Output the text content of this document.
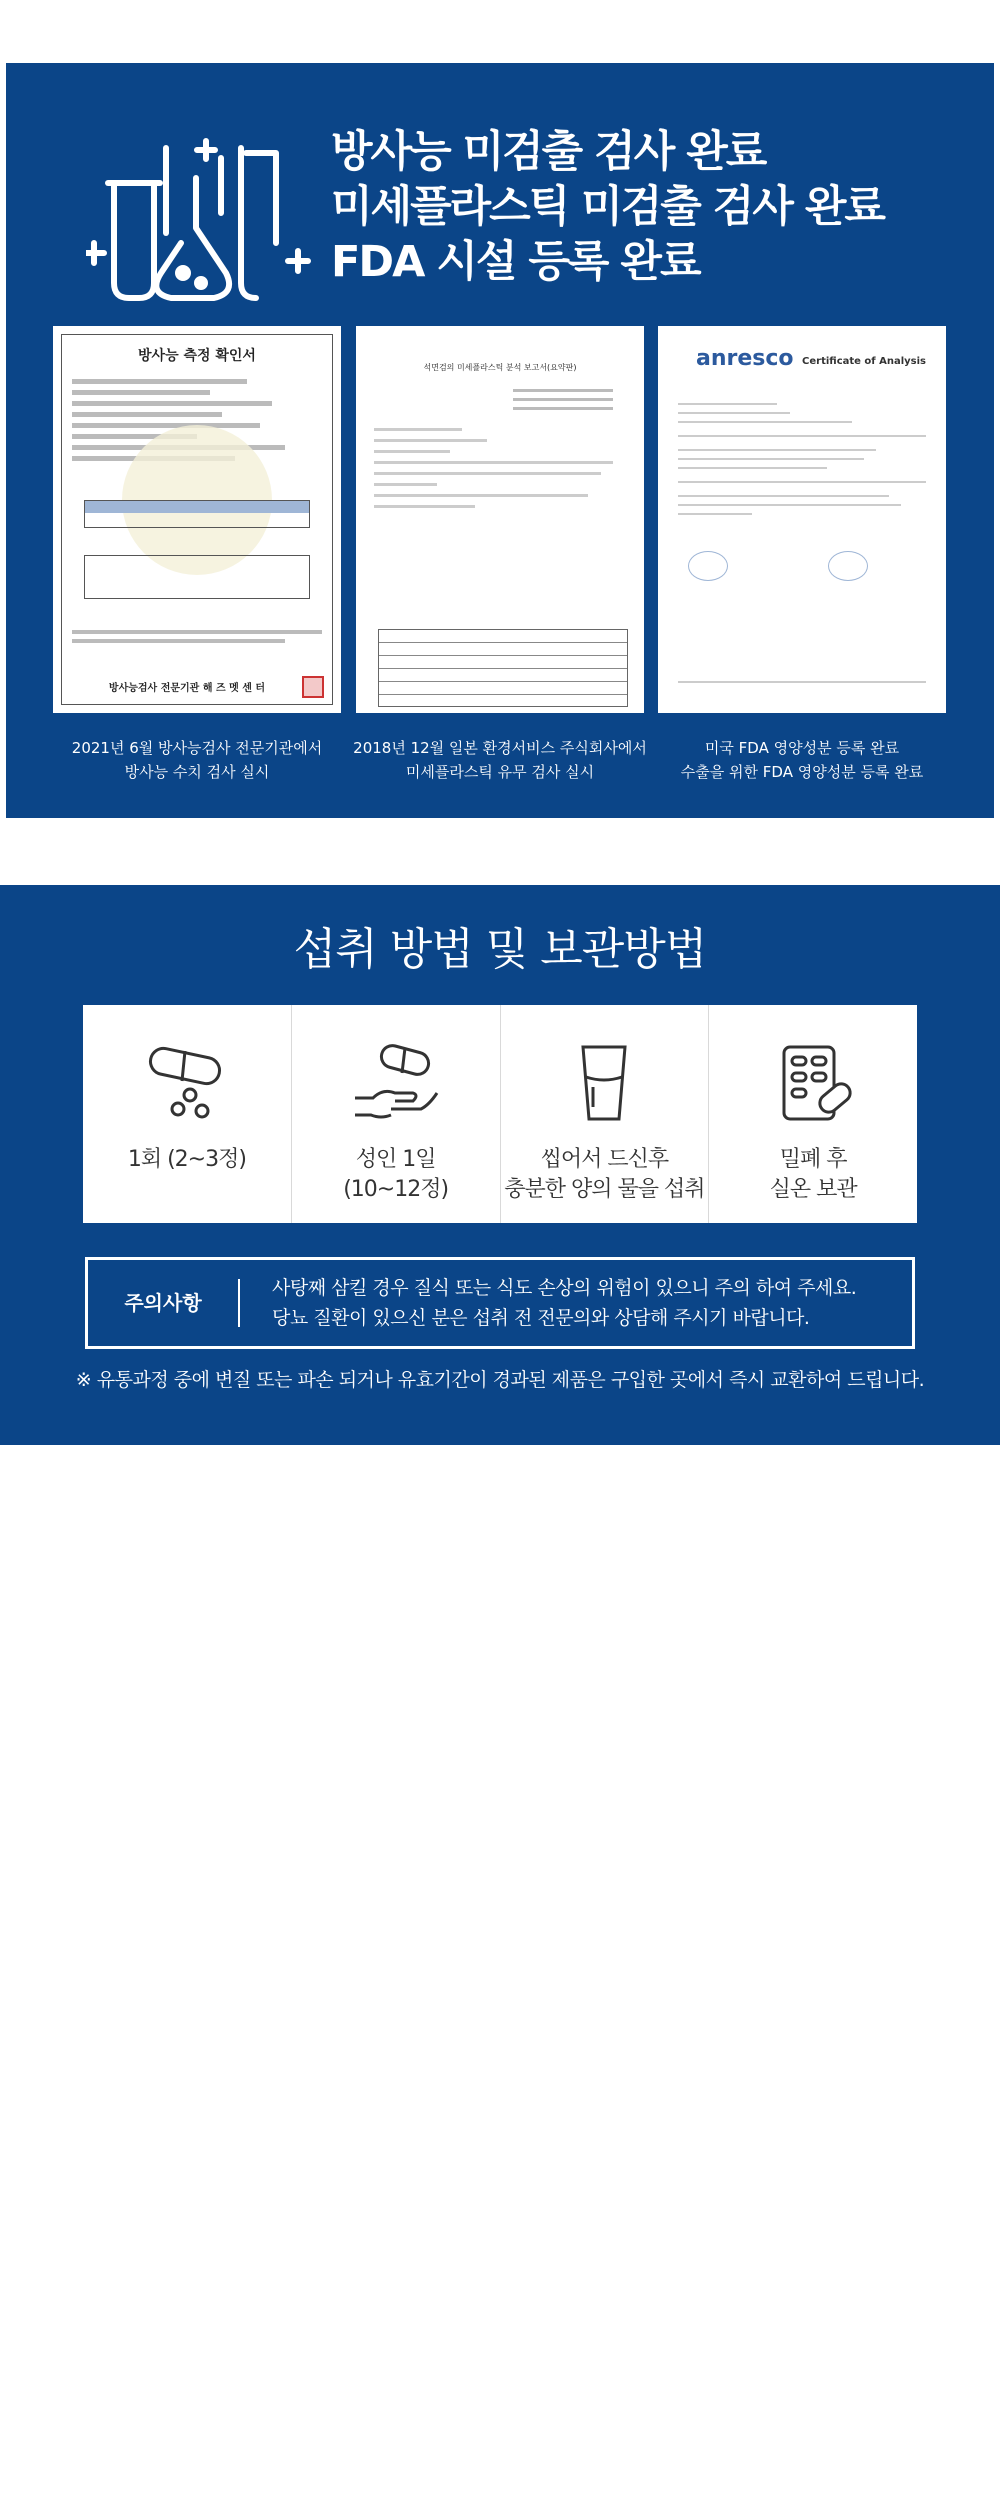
방사능 미검출 검사 완료
미세플라스틱 미검출 검사 완료
FDA 시설 등록 완료
방사능 측정 확인서
방사능검사 전문기관 해 즈 멧 센 터
석면검의 미세플라스틱 분석 보고서(요약판)	anresco Certificate of Analysis
2021년 6월 방사능검사 전문기관에서
방사능 수치 검사 실시
2018년 12월 일본 환경서비스 주식회사에서
미세플라스틱 유무 검사 실시
미국 FDA 영양성분 등록 완료
수출을 위한 FDA 영양성분 등록 완료
섭취 방법 및 보관방법
1회 (2~3정)	성인 1일
(10~12정)
씹어서 드신후
충분한 양의 물을 섭취
밀폐 후
실온 보관
주의사항
사탕째 삼킬 경우 질식 또는 식도 손상의 위험이 있으니 주의 하여 주세요.
당뇨 질환이 있으신 분은 섭취 전 전문의와 상담해 주시기 바랍니다.
※ 유통과정 중에 변질 또는 파손 되거나 유효기간이 경과된 제품은 구입한 곳에서 즉시 교환하여 드립니다.
